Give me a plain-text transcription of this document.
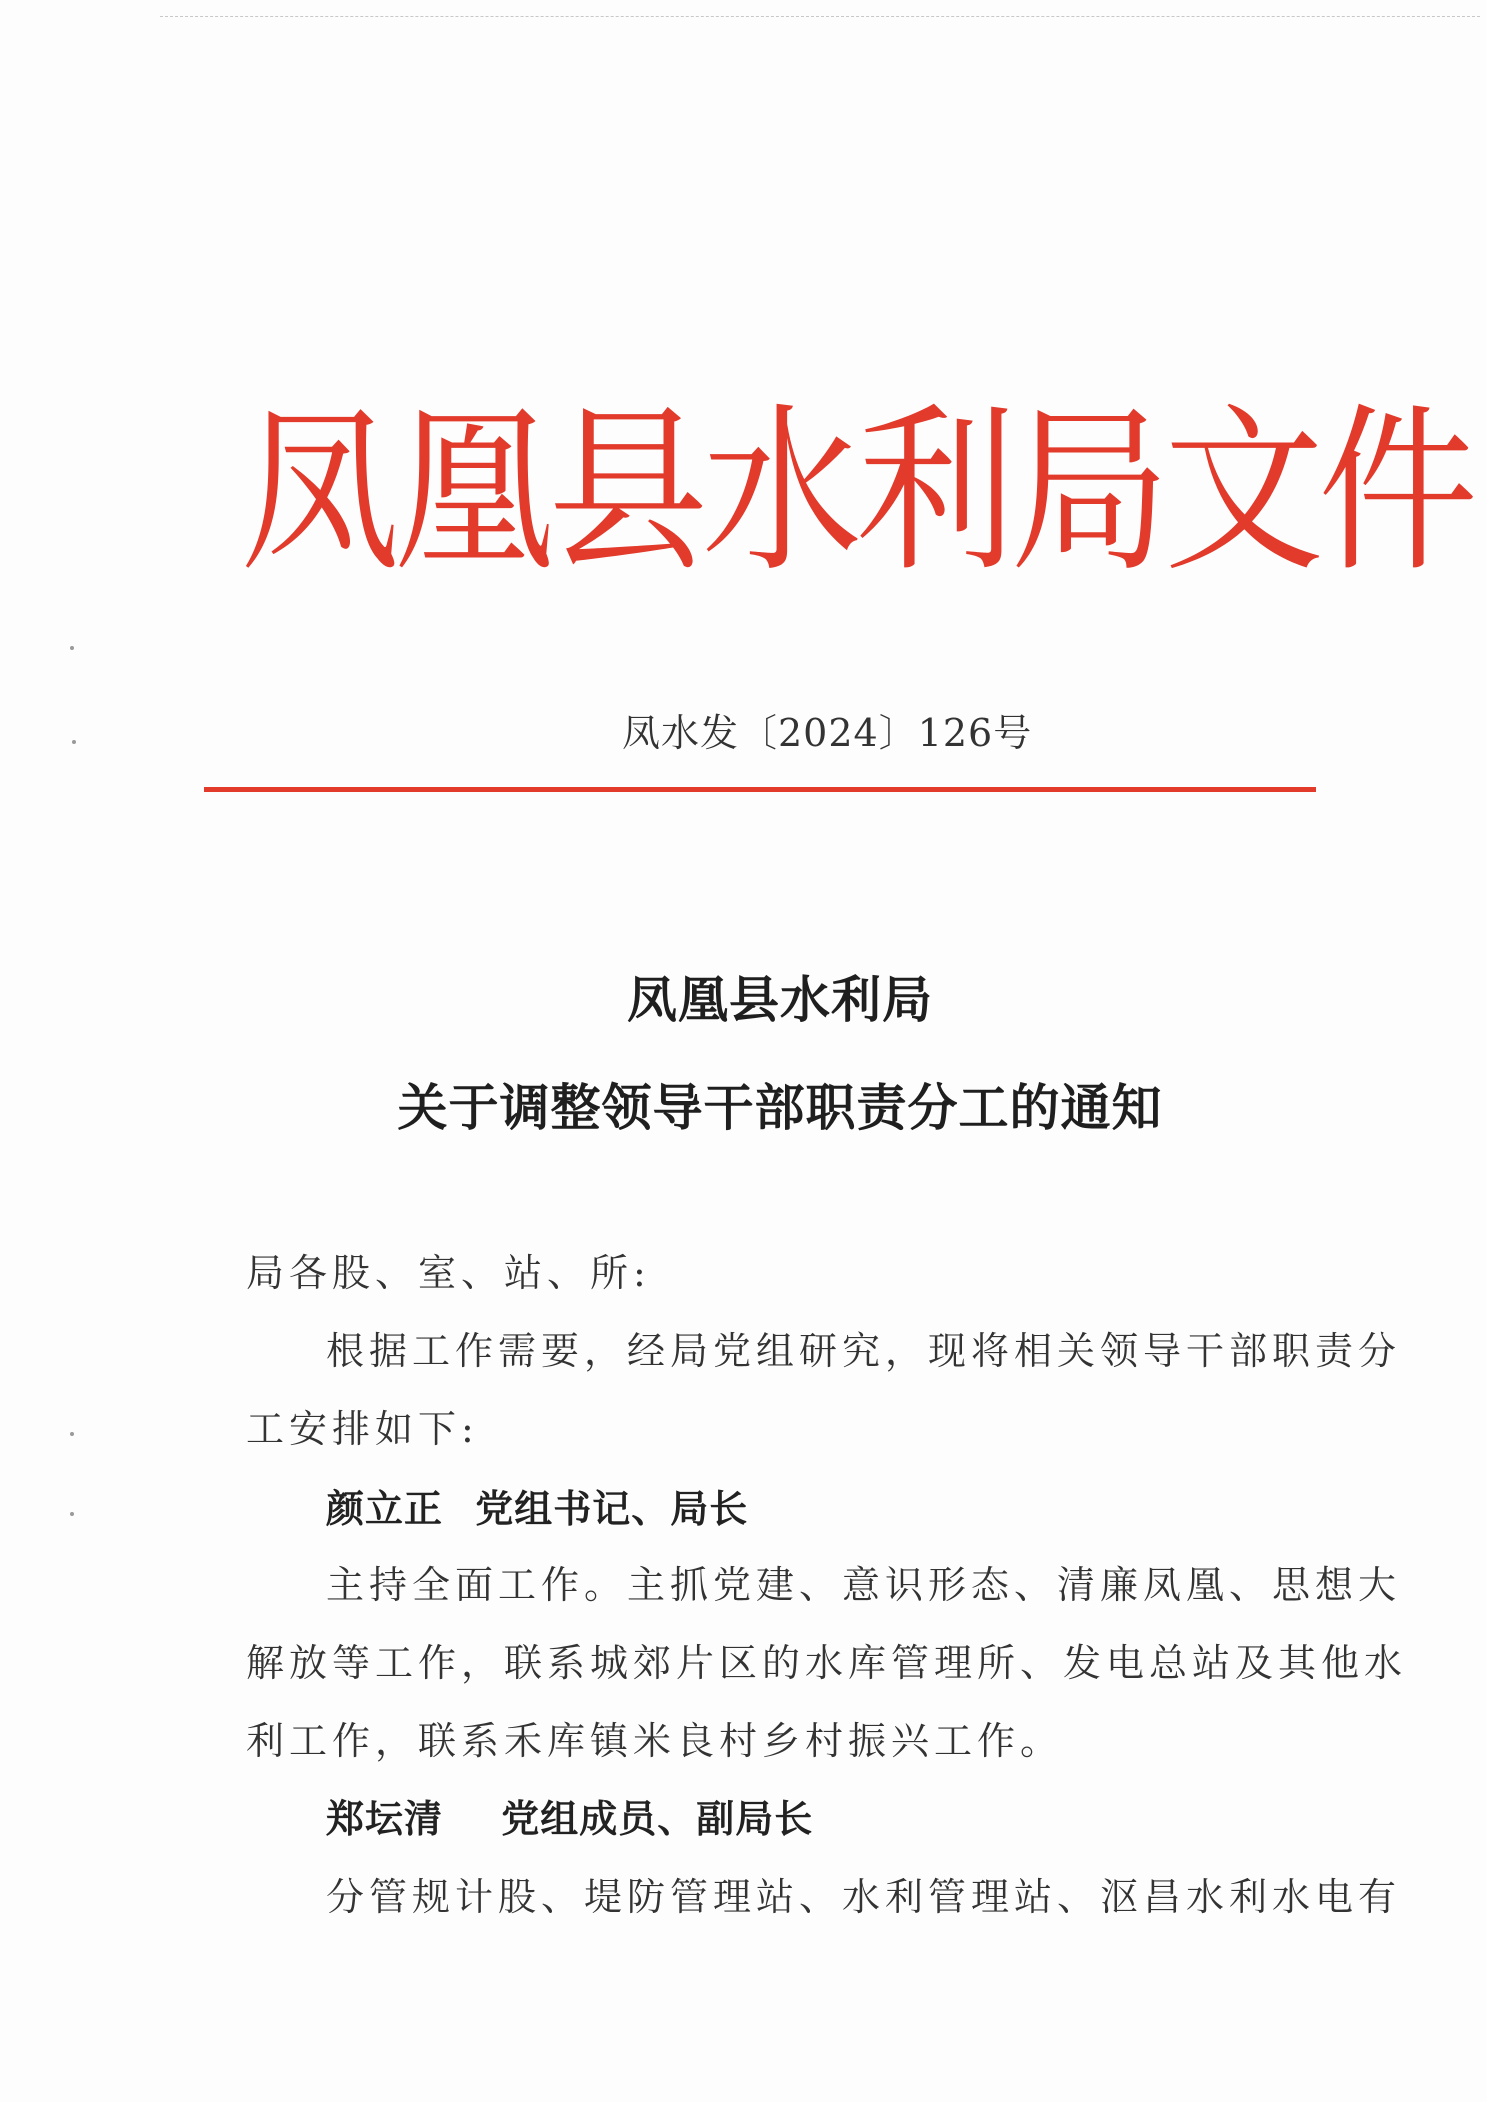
凤凰县水利局文件
凤水发〔2024〕126号
凤凰县水利局
关于调整领导干部职责分工的通知
局各股、室、站、所:
根据工作需要，经局党组研究，现将相关领导干部职责分
工安排如下:
颜立正 党组书记、局长
主持全面工作。主抓党建、意识形态、清廉凤凰、思想大
解放等工作，联系城郊片区的水库管理所、发电总站及其他水
利工作，联系禾库镇米良村乡村振兴工作。
郑坛清 党组成员、副局长
分管规计股、堤防管理站、水利管理站、沤昌水利水电有
